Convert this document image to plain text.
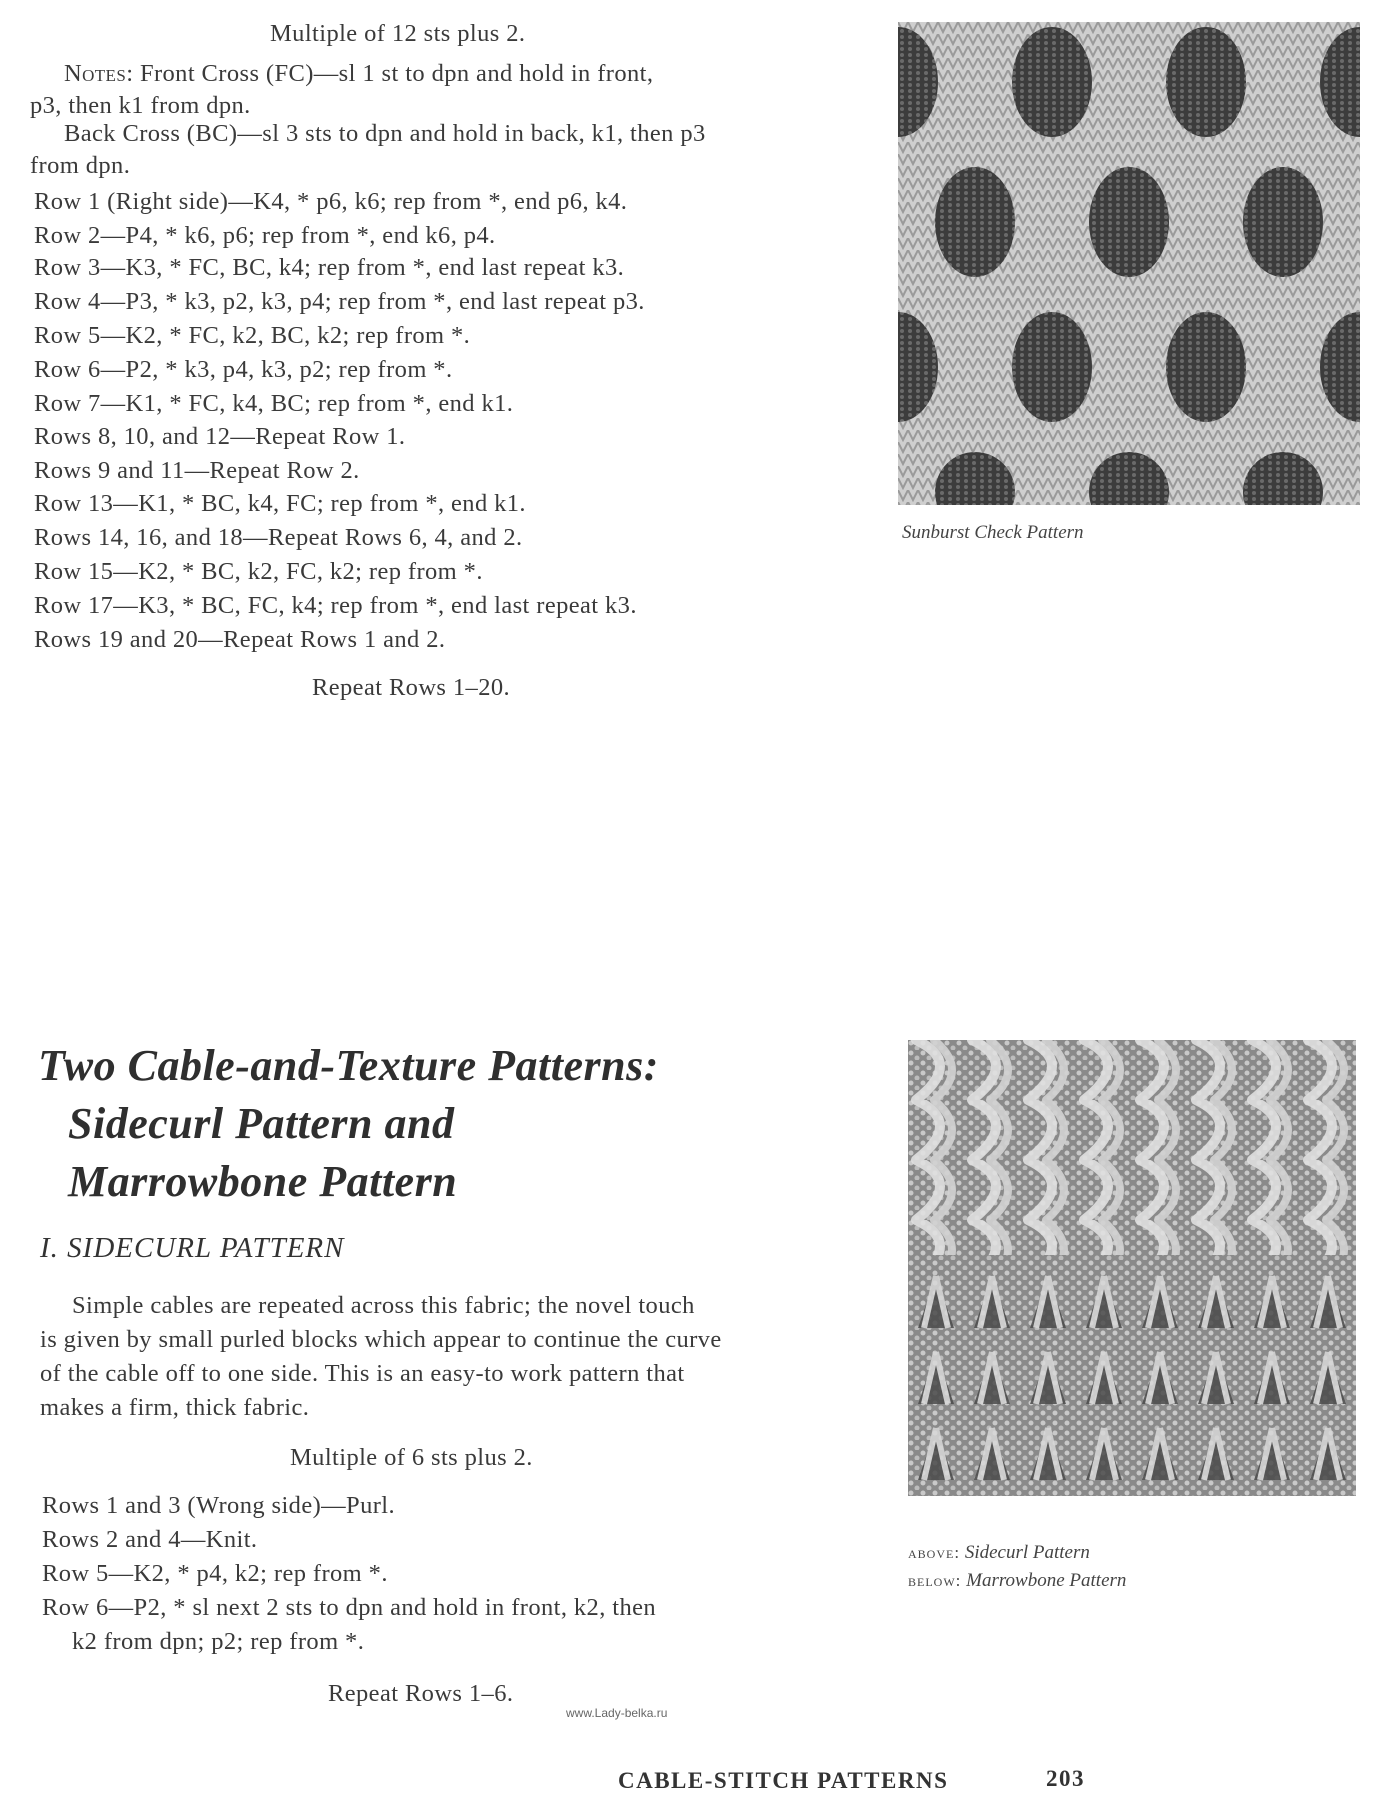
Multiple of 12 sts plus 2.
Notes: Front Cross (FC)—sl 1 st to dpn and hold in front,
p3, then k1 from dpn.
Back Cross (BC)—sl 3 sts to dpn and hold in back, k1, then p3
from dpn.
Row 1 (Right side)—K4, * p6, k6; rep from *, end p6, k4.
Row 2—P4, * k6, p6; rep from *, end k6, p4.
Row 3—K3, * FC, BC, k4; rep from *, end last repeat k3.
Row 4—P3, * k3, p2, k3, p4; rep from *, end last repeat p3.
Row 5—K2, * FC, k2, BC, k2; rep from *.
Row 6—P2, * k3, p4, k3, p2; rep from *.
Row 7—K1, * FC, k4, BC; rep from *, end k1.
Rows 8, 10, and 12—Repeat Row 1.
Rows 9 and 11—Repeat Row 2.
Row 13—K1, * BC, k4, FC; rep from *, end k1.
Rows 14, 16, and 18—Repeat Rows 6, 4, and 2.
Row 15—K2, * BC, k2, FC, k2; rep from *.
Row 17—K3, * BC, FC, k4; rep from *, end last repeat k3.
Rows 19 and 20—Repeat Rows 1 and 2.
Repeat Rows 1–20.
Sunburst Check Pattern
Two Cable-and-Texture Patterns:
Sidecurl Pattern and
Marrowbone Pattern
I. SIDECURL PATTERN
Simple cables are repeated across this fabric; the novel touch
is given by small purled blocks which appear to continue the curve
of the cable off to one side. This is an easy-to work pattern that
makes a firm, thick fabric.
Multiple of 6 sts plus 2.
Rows 1 and 3 (Wrong side)—Purl.
Rows 2 and 4—Knit.
Row 5—K2, * p4, k2; rep from *.
Row 6—P2, * sl next 2 sts to dpn and hold in front, k2, then
k2 from dpn; p2; rep from *.
Repeat Rows 1–6.
above: Sidecurl Pattern
below: Marrowbone Pattern
www.Lady-belka.ru
CABLE-STITCH PATTERNS	203
